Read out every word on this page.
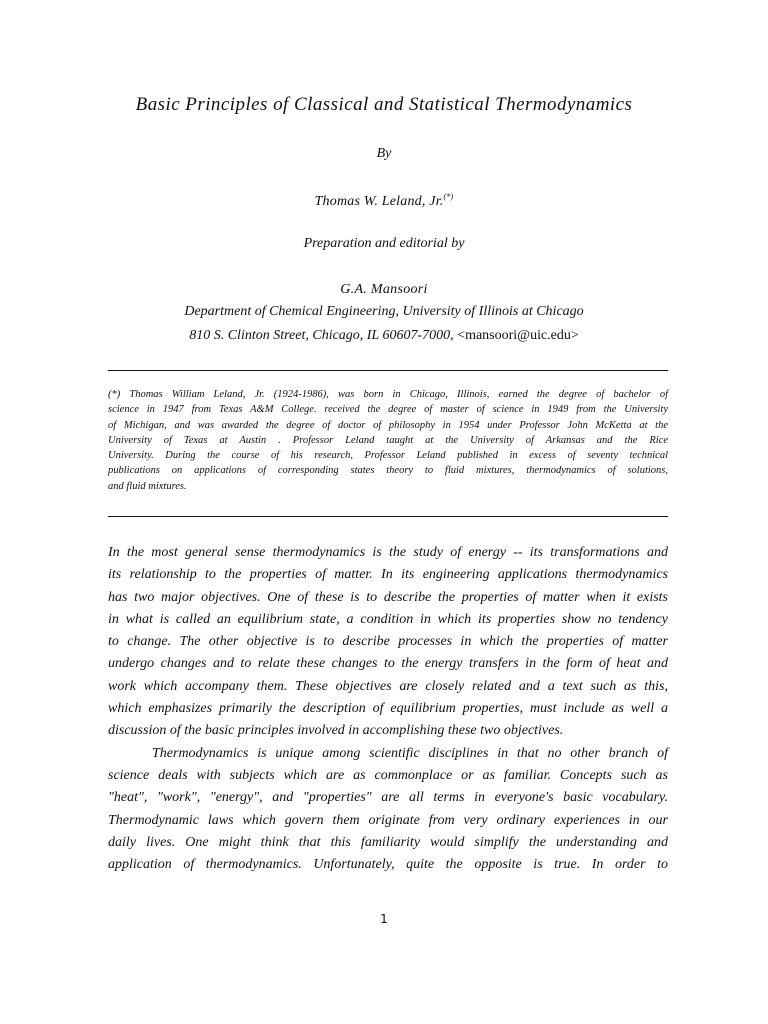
Basic Principles of Classical and Statistical Thermodynamics
By
Thomas W. Leland, Jr.(*)
Preparation and editorial by
G.A. Mansoori
Department of Chemical Engineering, University of Illinois at Chicago
810 S. Clinton Street, Chicago, IL 60607-7000, <mansoori@uic.edu>
(*) Thomas William Leland, Jr. (1924-1986), was born in Chicago, Illinois, earned the degree of bachelor of
science in 1947 from Texas A&M College. received the degree of master of science in 1949 from the University
of Michigan, and was awarded the degree of doctor of philosophy in 1954 under Professor John McKetta at the
University of Texas at Austin . Professor Leland taught at the University of Arkansas and the Rice
University. During the course of his research, Professor Leland published in excess of seventy technical
publications on applications of corresponding states theory to fluid mixtures, thermodynamics of solutions,
and fluid mixtures.
In the most general sense thermodynamics is the study of energy -- its transformations and
its relationship to the properties of matter. In its engineering applications thermodynamics
has two major objectives. One of these is to describe the properties of matter when it exists
in what is called an equilibrium state, a condition in which its properties show no tendency
to change. The other objective is to describe processes in which the properties of matter
undergo changes and to relate these changes to the energy transfers in the form of heat and
work which accompany them. These objectives are closely related and a text such as this,
which emphasizes primarily the description of equilibrium properties, must include as well a
discussion of the basic principles involved in accomplishing these two objectives.
Thermodynamics is unique among scientific disciplines in that no other branch of
science deals with subjects which are as commonplace or as familiar. Concepts such as
"heat", "work", "energy", and "properties" are all terms in everyone's basic vocabulary.
Thermodynamic laws which govern them originate from very ordinary experiences in our
daily lives. One might think that this familiarity would simplify the understanding and
application of thermodynamics. Unfortunately, quite the opposite is true. In order to
1
